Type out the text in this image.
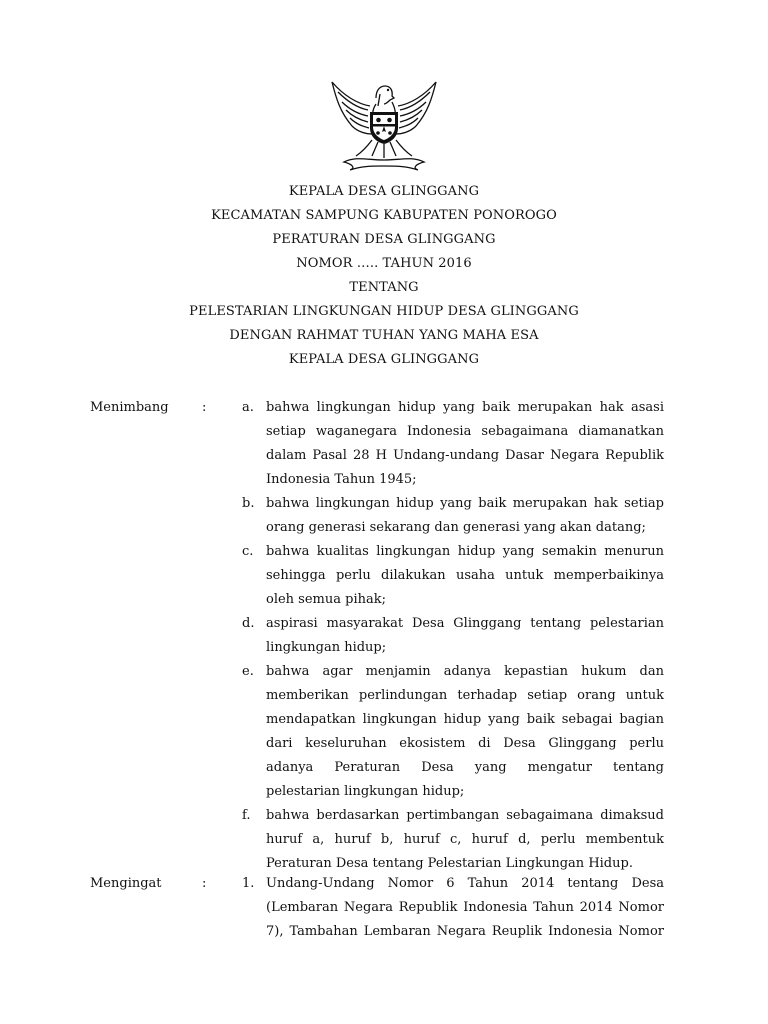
KEPALA DESA GLINGGANG
KECAMATAN SAMPUNG KABUPATEN PONOROGO
PERATURAN DESA GLINGGANG
NOMOR ….. TAHUN 2016
TENTANG
PELESTARIAN LINGKUNGAN HIDUP DESA GLINGGANG
DENGAN RAHMAT TUHAN YANG MAHA ESA
KEPALA DESA GLINGGANG
Menimbang	:	a. bahwa lingkungan hidup yang baik merupakan hak asasi
setiap waganegara Indonesia sebagaimana diamanatkan
dalam Pasal 28 H Undang-undang Dasar Negara Republik
Indonesia Tahun 1945;
b. bahwa lingkungan hidup yang baik merupakan hak setiap
orang generasi sekarang dan generasi yang akan datang;
c. bahwa kualitas lingkungan hidup yang semakin menurun
sehingga perlu dilakukan usaha untuk memperbaikinya
oleh semua pihak;
d. aspirasi masyarakat Desa Glinggang tentang pelestarian
lingkungan hidup;
e. bahwa agar menjamin adanya kepastian hukum dan
memberikan perlindungan terhadap setiap orang untuk
mendapatkan lingkungan hidup yang baik sebagai bagian
dari keseluruhan ekosistem di Desa Glinggang perlu
adanya Peraturan Desa yang mengatur tentang
pelestarian lingkungan hidup;
f. bahwa berdasarkan pertimbangan sebagaimana dimaksud
huruf a, huruf b, huruf c, huruf d, perlu membentuk
Peraturan Desa tentang Pelestarian Lingkungan Hidup.
Mengingat	:	1. Undang-Undang Nomor 6 Tahun 2014 tentang Desa
(Lembaran Negara Republik Indonesia Tahun 2014 Nomor
7), Tambahan Lembaran Negara Reuplik Indonesia Nomor
